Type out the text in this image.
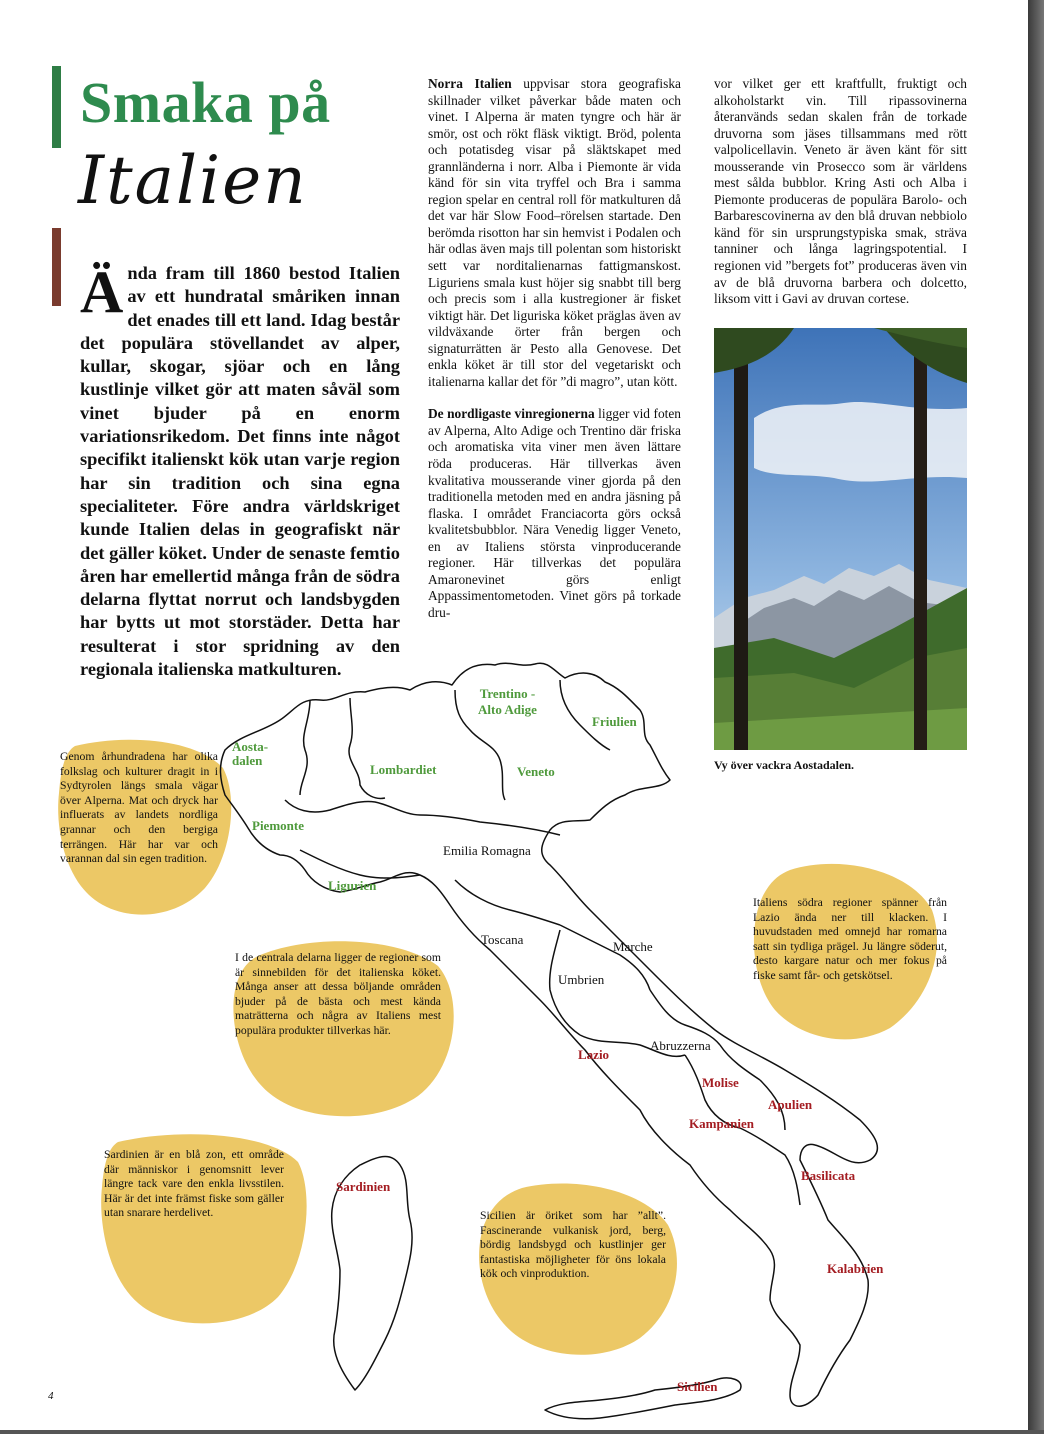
Smaka på
Italien

Ända fram till 1860 bestod Italien av ett hundratal småriken innan det enades till ett land. Idag består det populära stövellandet av alper, kullar, skogar, sjöar och en lång kustlinje vilket gör att maten såväl som vinet bjuder på en enorm variationsrikedom. Det finns inte något specifikt italienskt kök utan varje region har sin tradition och sina egna specialiteter. Före andra världskriget kunde Italien delas in geografiskt när det gäller köket. Under de senaste femtio åren har emellertid många från de södra delarna flyttat norrut och landsbygden har bytts ut mot storstäder. Detta har resulterat i stor spridning av den regionala italienska matkulturen.

Norra Italien uppvisar stora geografiska skillnader vilket påverkar både maten och vinet. I Alperna är maten tyngre och här är smör, ost och rökt fläsk viktigt. Bröd, polenta och potatisdeg visar på släktskapet med grannländerna i norr. Alba i Piemonte är vida känd för sin vita tryffel och Bra i samma region spelar en central roll för matkulturen då det var här Slow Food–rörelsen startade. Den berömda risotton har sin hemvist i Podalen och här odlas även majs till polentan som historiskt sett var norditalienarnas fattigmanskost. Liguriens smala kust höjer sig snabbt till berg och precis som i alla kustregioner är fisket viktigt här. Det liguriska köket präglas även av vildväxande örter från bergen och signaturrätten är Pesto alla Genovese. Det enkla köket är till stor del vegetariskt och italienarna kallar det för ”di magro”, utan kött.

De nordligaste vinregionerna ligger vid foten av Alperna, Alto Adige och Trentino där friska och aromatiska vita viner men även lättare röda produceras. Här tillverkas även kvalitativa mousserande viner gjorda på den traditionella metoden med en andra jäsning på flaska. I området Franciacorta görs också kvalitetsbubblor. Nära Venedig ligger Veneto, en av Italiens största vinproducerande regioner. Här tillverkas det populära Amaronevinet görs enligt Appassimentometoden. Vinet görs på torkade dru-

vor vilket ger ett kraftfullt, fruktigt och alkoholstarkt vin. Till ripassovinerna återanvänds sedan skalen från de torkade druvorna som jäses tillsammans med rött valpolicellavin. Veneto är även känt för sitt mousserande vin Prosecco som är världens mest sålda bubblor. Kring Asti och Alba i Piemonte produceras de populära Barolo- och Barbarescovinerna av den blå druvan nebbiolo känd för sin ursprungstypiska smak, sträva tanniner och långa lagringspotential. I regionen vid ”bergets fot” produceras även vin av de blå druvorna barbera och dolcetto, liksom vitt i Gavi av druvan cortese.

Vy över vackra Aostadalen.

Aosta-
dalen

Trentino -
Alto Adige

Friulien

Lombardiet	Veneto

Piemonte

Emilia Romagna

Ligurien

Toscana	Marche

Umbrien

Abruzzerna

Lazio

Molise

Apulien

Kampanien

Basilicata

Kalabrien

Sardinien

Sicilien

Genom århundradena har olika folkslag och kulturer dragit in i Sydtyrolen längs smala vägar över Alperna. Mat och dryck har influerats av landets nordliga grannar och den bergiga terrängen. Här har var och varannan dal sin egen tradition.

I de centrala delarna ligger de regioner som är sinnebilden för det italienska köket. Många anser att dessa böljande områden bjuder på de bästa och mest kända maträtterna och några av Italiens mest populära produkter tillverkas här.

Italiens södra regioner spänner från Lazio ända ner till klacken. I huvudstaden med omnejd har romarna satt sin tydliga prägel. Ju längre söderut, desto kargare natur och mer fokus på fiske samt får- och getskötsel.

Sardinien är en blå zon, ett område där människor i genomsnitt lever längre tack vare den enkla livsstilen. Här är det inte främst fiske som gäller utan snarare herdelivet.	Sicilien är öriket som har ”allt”. Fascinerande vulkanisk jord, berg, bördig landsbygd och kustlinjer ger fantastiska möjligheter för öns lokala kök och vinproduktion.

4
